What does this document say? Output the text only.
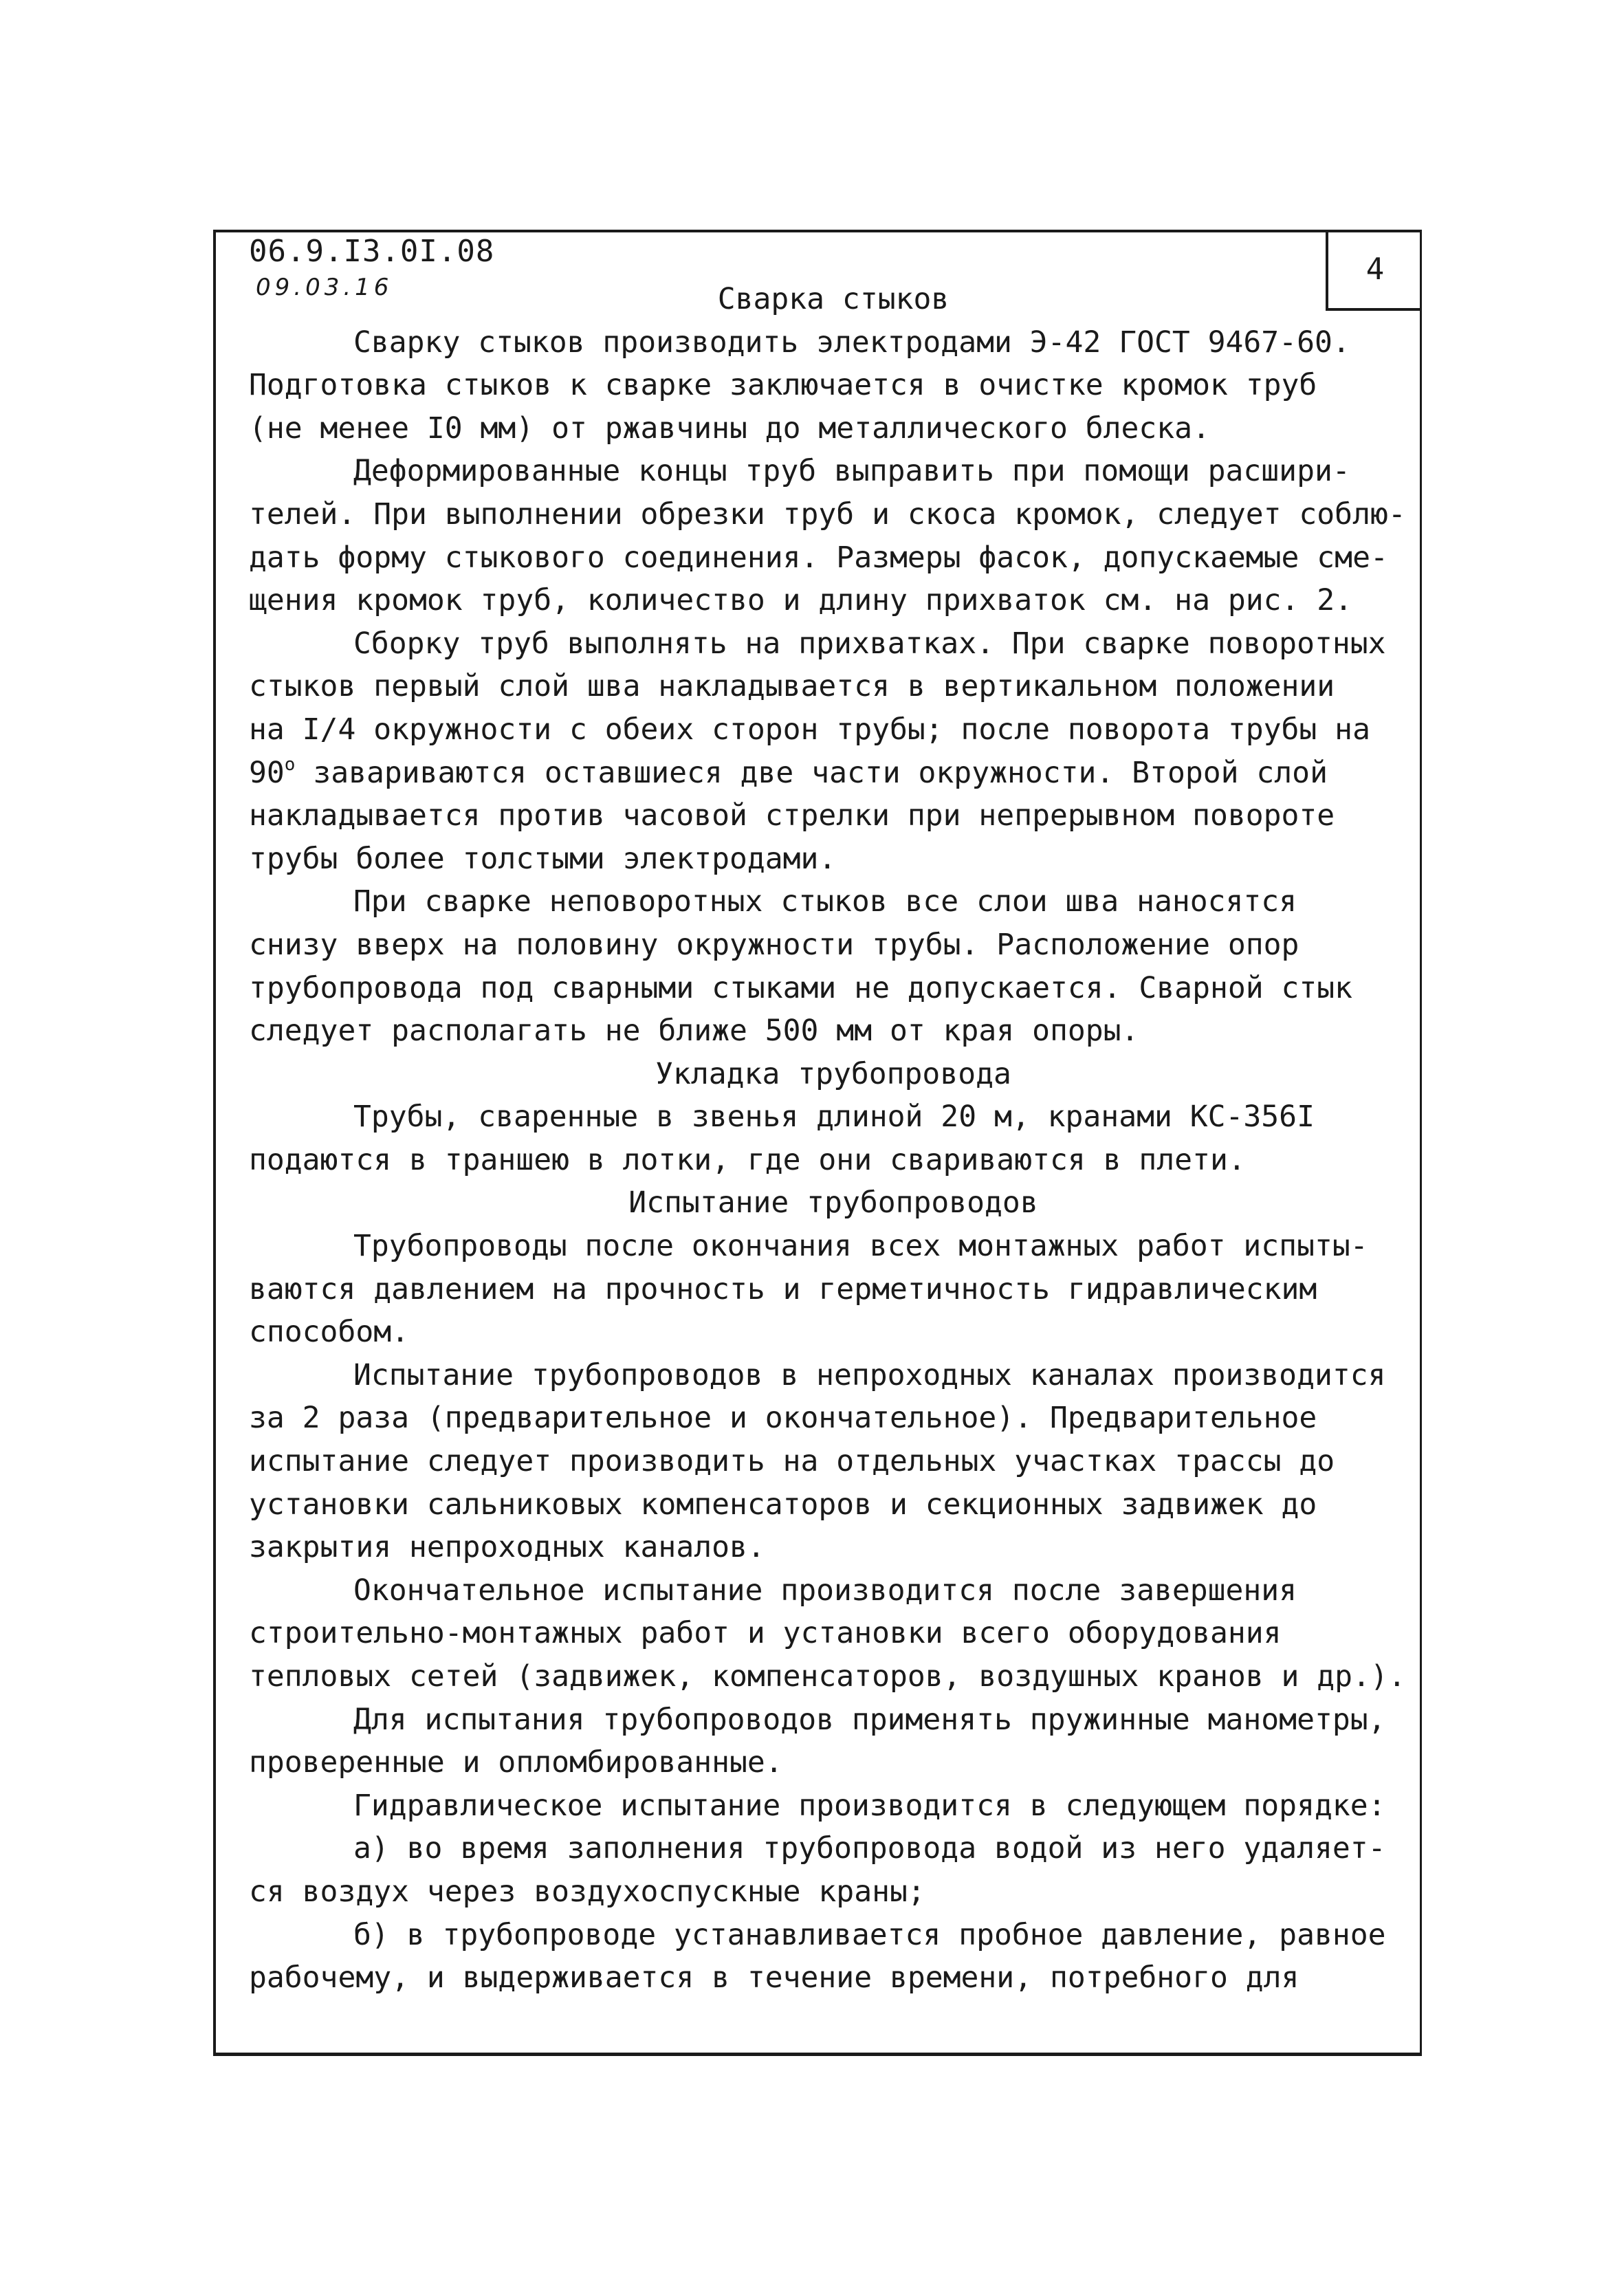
06.9.I3.0I.08
09.03.16
4
Сварка стыков
Сварку стыков производить электродами Э-42 ГОСТ 9467-60.
Подготовка стыков к сварке заключается в очистке кромок труб
(не менее I0 мм) от ржавчины до металлического блеска.
Деформированные концы труб выправить при помощи расшири-
телей. При выполнении обрезки труб и скоса кромок, следует соблю-
дать форму стыкового соединения. Размеры фасок, допускаемые сме-
щения кромок труб, количество и длину прихваток см. на рис. 2.
Сборку труб выполнять на прихватках. При сварке поворотных
стыков первый слой шва накладывается в вертикальном положении
на I/4 окружности с обеих сторон трубы; после поворота трубы на
90$^o$ завариваются оставшиеся две части окружности. Второй слой
накладывается против часовой стрелки при непрерывном повороте
трубы более толстыми электродами.
При сварке неповоротных стыков все слои шва наносятся
снизу вверх на половину окружности трубы. Расположение опор
трубопровода под сварными стыками не допускается. Сварной стык
следует располагать не ближе 500 мм от края опоры.
Укладка трубопровода
Трубы, сваренные в звенья длиной 20 м, кранами КС-356I
подаются в траншею в лотки, где они свариваются в плети.
Испытание трубопроводов
Трубопроводы после окончания всех монтажных работ испыты-
ваются давлением на прочность и герметичность гидравлическим
способом.
Испытание трубопроводов в непроходных каналах производится
за 2 раза (предварительное и окончательное). Предварительное
испытание следует производить на отдельных участках трассы до
установки сальниковых компенсаторов и секционных задвижек до
закрытия непроходных каналов.
Окончательное испытание производится после завершения
строительно-монтажных работ и установки всего оборудования
тепловых сетей (задвижек, компенсаторов, воздушных кранов и др.).
Для испытания трубопроводов применять пружинные манометры,
проверенные и опломбированные.
Гидравлическое испытание производится в следующем порядке:
а) во время заполнения трубопровода водой из него удаляет-
ся воздух через воздухоспускные краны;
б) в трубопроводе устанавливается пробное давление, равное
рабочему, и выдерживается в течение времени, потребного для
